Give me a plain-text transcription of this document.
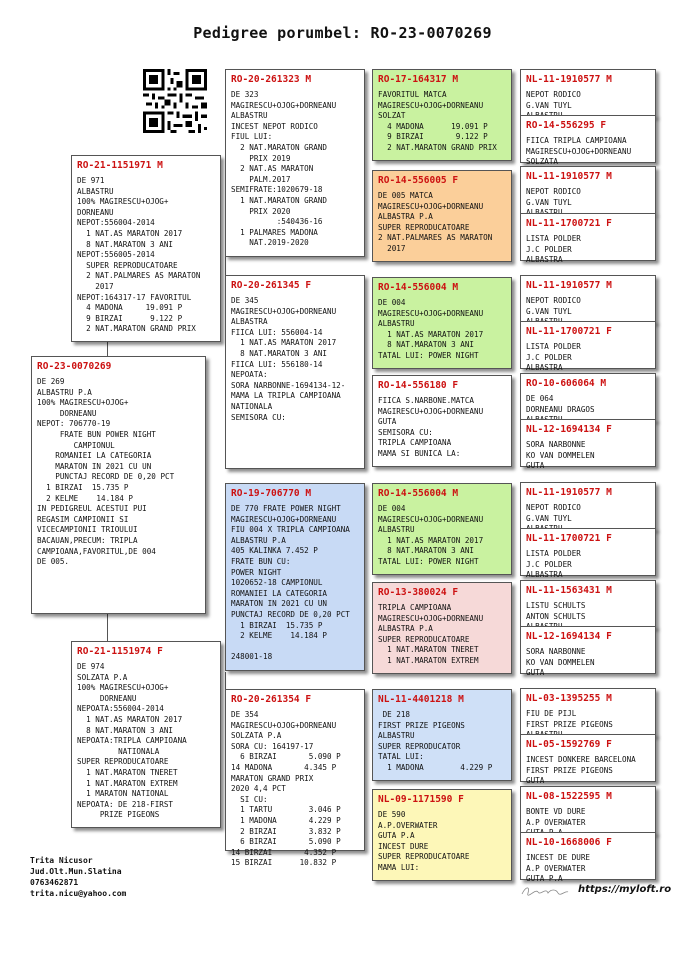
Pedigree porumbel: RO-23-0070269
RO-23-0070269
DE 269
ALBASTRU P.A
100% MAGIRESCU+OJOG+
DORNEANU
NEPOT: 706770-19
FRATE BUN POWER NIGHT
CAMPIONUL
ROMANIEI LA CATEGORIA
MARATON IN 2021 CU UN
PUNCTAJ RECORD DE 0,20 PCT
1 BIRZAI  15.735 P
2 KELME    14.184 P
IN PEDIGREUL ACESTUI PUI
REGASIM CAMPIONII SI
VICECAMPIONII TRIOULUI
BACAUAN,PRECUM: TRIPLA
CAMPIOANA,FAVORITUL,DE 004
DE 005.
RO-21-1151971 M
DE 971
ALBASTRU
100% MAGIRESCU+OJOG+
DORNEANU
NEPOT:556004-2014
1 NAT.AS MARATON 2017
8 NAT.MARATON 3 ANI
NEPOT:556005-2014
SUPER REPRODUCATOARE
2 NAT.PALMARES AS MARATON
2017
NEPOT:164317-17 FAVORITUL
4 MADONA     19.091 P
9 BIRZAI      9.122 P
2 NAT.MARATON GRAND PRIX
RO-21-1151974 F
DE 974
SOLZATA P.A
100% MAGIRESCU+OJOG+
DORNEANU
NEPOATA:556004-2014
1 NAT.AS MARATON 2017
8 NAT.MARATON 3 ANI
NEPOATA:TRIPLA CAMPIOANA
NATIONALA
SUPER REPRODUCATOARE
1 NAT.MARATON TNERET
1 NAT.MARATON EXTREM
1 MARATON NATIONAL
NEPOATA: DE 218-FIRST
PRIZE PIGEONS
RO-20-261323 M
DE 323
MAGIRESCU+OJOG+DORNEANU
ALBASTRU
INCEST NEPOT RODICO
FIUL LUI:
2 NAT.MARATON GRAND
PRIX 2019
2 NAT.AS MARATON
PALM.2017
SEMIFRATE:1020679-18
1 NAT.MARATON GRAND
PRIX 2020
:540436-16
1 PALMARES MADONA
NAT.2019-2020
RO-20-261345 F
DE 345
MAGIRESCU+OJOG+DORNEANU
ALBASTRA
FIICA LUI: 556004-14
1 NAT.AS MARATON 2017
8 NAT.MARATON 3 ANI
FIICA LUI: 556180-14
NEPOATA:
SORA NARBONNE-1694134-12-
MAMA LA TRIPLA CAMPIOANA
NATIONALA
SEMISORA CU:
RO-19-706770 M
DE 770 FRATE POWER NIGHT
MAGIRESCU+OJOG+DORNEANU
FIU 004 X TRIPLA CAMPIOANA
ALBASTRU P.A
405 KALINKA 7.452 P
FRATE BUN CU:
POWER NIGHT
1020652-18 CAMPIONUL
ROMANIEI LA CATEGORIA
MARATON IN 2021 CU UN
PUNCTAJ RECORD DE 0,20 PCT
1 BIRZAI  15.735 P
2 KELME    14.184 P

248001-18
RO-20-261354 F
DE 354
MAGIRESCU+OJOG+DORNEANU
SOLZATA P.A
SORA CU: 164197-17
6 BIRZAI       5.090 P
14 MADONA       4.345 P
MARATON GRAND PRIX
2020 4,4 PCT
SI CU:
1 TARTU        3.046 P
1 MADONA       4.229 P
2 BIRZAI       3.832 P
6 BIRZAI       5.090 P
14 BIRZAI       4.352 P
15 BIRZAI      10.832 P
RO-17-164317 M
FAVORITUL MATCA
MAGIRESCU+OJOG+DORNEANU
SOLZAT
4 MADONA      19.091 P
9 BIRZAI       9.122 P
2 NAT.MARATON GRAND PRIX
RO-14-556005 F
DE 005 MATCA
MAGIRESCU+OJOG+DORNEANU
ALBASTRA P.A
SUPER REPRODUCATOARE
2 NAT.PALMARES AS MARATON
2017
RO-14-556004 M
DE 004
MAGIRESCU+OJOG+DORNEANU
ALBASTRU
1 NAT.AS MARATON 2017
8 NAT.MARATON 3 ANI
TATAL LUI: POWER NIGHT
RO-14-556180 F
FIICA S.NARBONE.MATCA
MAGIRESCU+OJOG+DORNEANU
GUTA
SEMISORA CU:
TRIPLA CAMPIOANA
MAMA SI BUNICA LA:
RO-14-556004 M
DE 004
MAGIRESCU+OJOG+DORNEANU
ALBASTRU
1 NAT.AS MARATON 2017
8 NAT.MARATON 3 ANI
TATAL LUI: POWER NIGHT
RO-13-380024 F
TRIPLA CAMPIOANA
MAGIRESCU+OJOG+DORNEANU
ALBASTRA P.A
SUPER REPRODUCATOARE
1 NAT.MARATON TNERET
1 NAT.MARATON EXTREM
NL-11-4401218 M
DE 218
FIRST PRIZE PIGEONS
ALBASTRU
SUPER REPRODUCATOR
TATAL LUI:
1 MADONA        4.229 P
NL-09-1171590 F
DE 590
A.P.OVERWATER
GUTA P.A
INCEST DURE
SUPER REPRODUCATOARE
MAMA LUI:
NL-11-1910577 M
NEPOT RODICO
G.VAN TUYL
RO-14-556295 F
FIICA TRIPLA CAMPIOANA
MAGIRESCU+OJOG+DORNEANU
SOLZATA
NL-11-1910577 M
NEPOT RODICO
G.VAN TUYL
NL-11-1700721 F
LISTA POLDER
J.C POLDER
ALBASTRA
NL-11-1910577 M
NEPOT RODICO
G.VAN TUYL
NL-11-1700721 F
LISTA POLDER
J.C POLDER
ALBASTRA
RO-10-606064 M
DE 064
DORNEANU DRAGOS
NL-12-1694134 F
SORA NARBONNE
KO VAN DOMMELEN
GUTA
NL-11-1910577 M
NEPOT RODICO
G.VAN TUYL
NL-11-1700721 F
LISTA POLDER
J.C POLDER
ALBASTRA
NL-11-1563431 M
LISTU SCHULTS
ANTON SCHULTS
NL-12-1694134 F
SORA NARBONNE
KO VAN DOMMELEN
GUTA
NL-03-1395255 M
FIU DE PIJL
FIRST PRIZE PIGEONS
NL-05-1592769 F
INCEST DONKERE BARCELONA
FIRST PRIZE PIGEONS
GUTA
NL-08-1522595 M
BONTE VD DURE
A.P OVERWATER
NL-10-1668006 F
INCEST DE DURE
A.P OVERWATER
GUTA P.A
Trita Nicusor
Jud.Olt.Mun.Slatina
0763462871
trita.nicu@yahoo.com	https://myloft.ro
